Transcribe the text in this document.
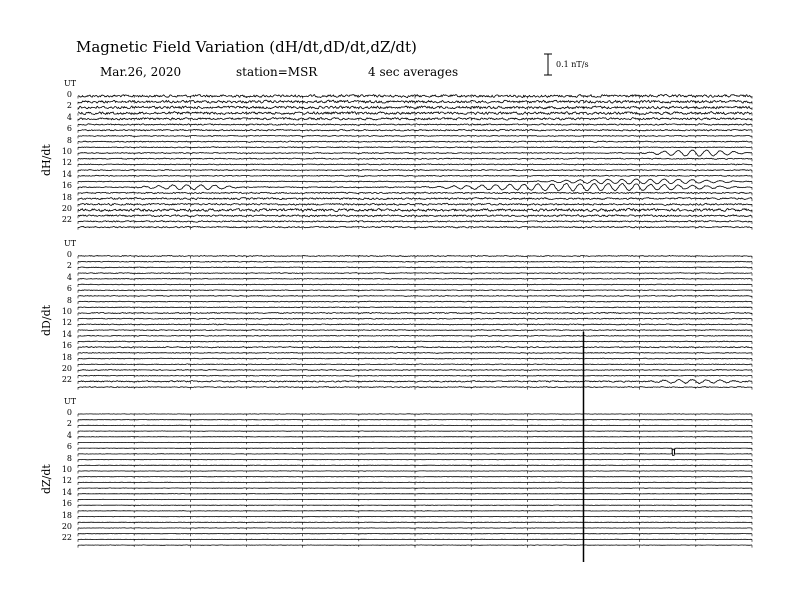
Magnetic Field Variation (dH/dt,dD/dt,dZ/dt)
Mar.26, 2020	station=MSR	4 sec averages
0.1 nT/s
UT
dH/dt
0
2
4
6
8
10
12
14
16
18
20
22
UT
dD/dt
0
2
4
6
8
10
12
14
16
18
20
22
UT
dZ/dt
0
2
4
6
8
10
12
14
16
18
20
22
